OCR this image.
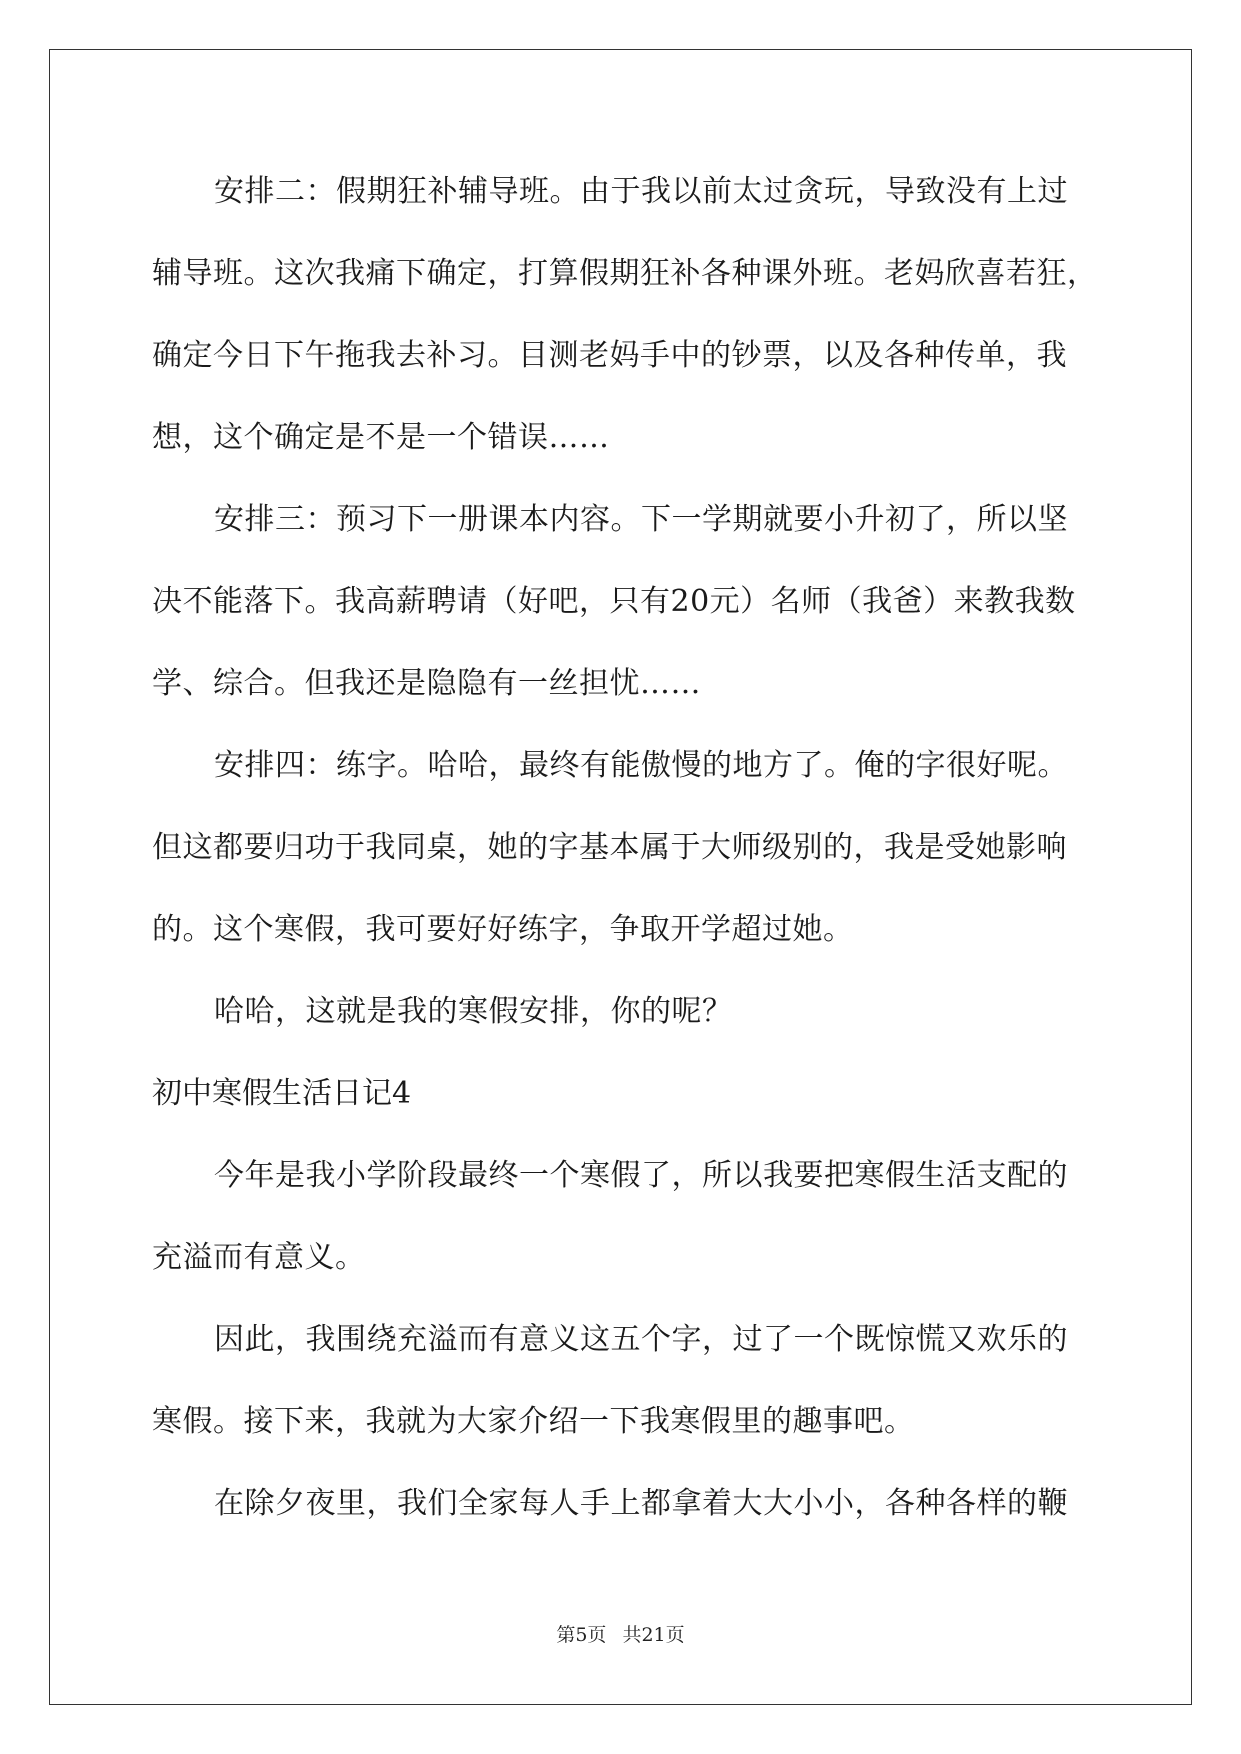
安排二：假期狂补辅导班。由于我以前太过贪玩，导致没有上过
辅导班。这次我痛下确定，打算假期狂补各种课外班。老妈欣喜若狂，
确定今日下午拖我去补习。目测老妈手中的钞票，以及各种传单，我
想，这个确定是不是一个错误……
安排三：预习下一册课本内容。下一学期就要小升初了，所以坚
决不能落下。我高薪聘请（好吧，只有20元）名师（我爸）来教我数
学、综合。但我还是隐隐有一丝担忧……
安排四：练字。哈哈，最终有能傲慢的地方了。俺的字很好呢。
但这都要归功于我同桌，她的字基本属于大师级别的，我是受她影响
的。这个寒假，我可要好好练字，争取开学超过她。
哈哈，这就是我的寒假安排，你的呢？
初中寒假生活日记4
今年是我小学阶段最终一个寒假了，所以我要把寒假生活支配的
充溢而有意义。
因此，我围绕充溢而有意义这五个字，过了一个既惊慌又欢乐的
寒假。接下来，我就为大家介绍一下我寒假里的趣事吧。
在除夕夜里，我们全家每人手上都拿着大大小小，各种各样的鞭
第5页 共21页
